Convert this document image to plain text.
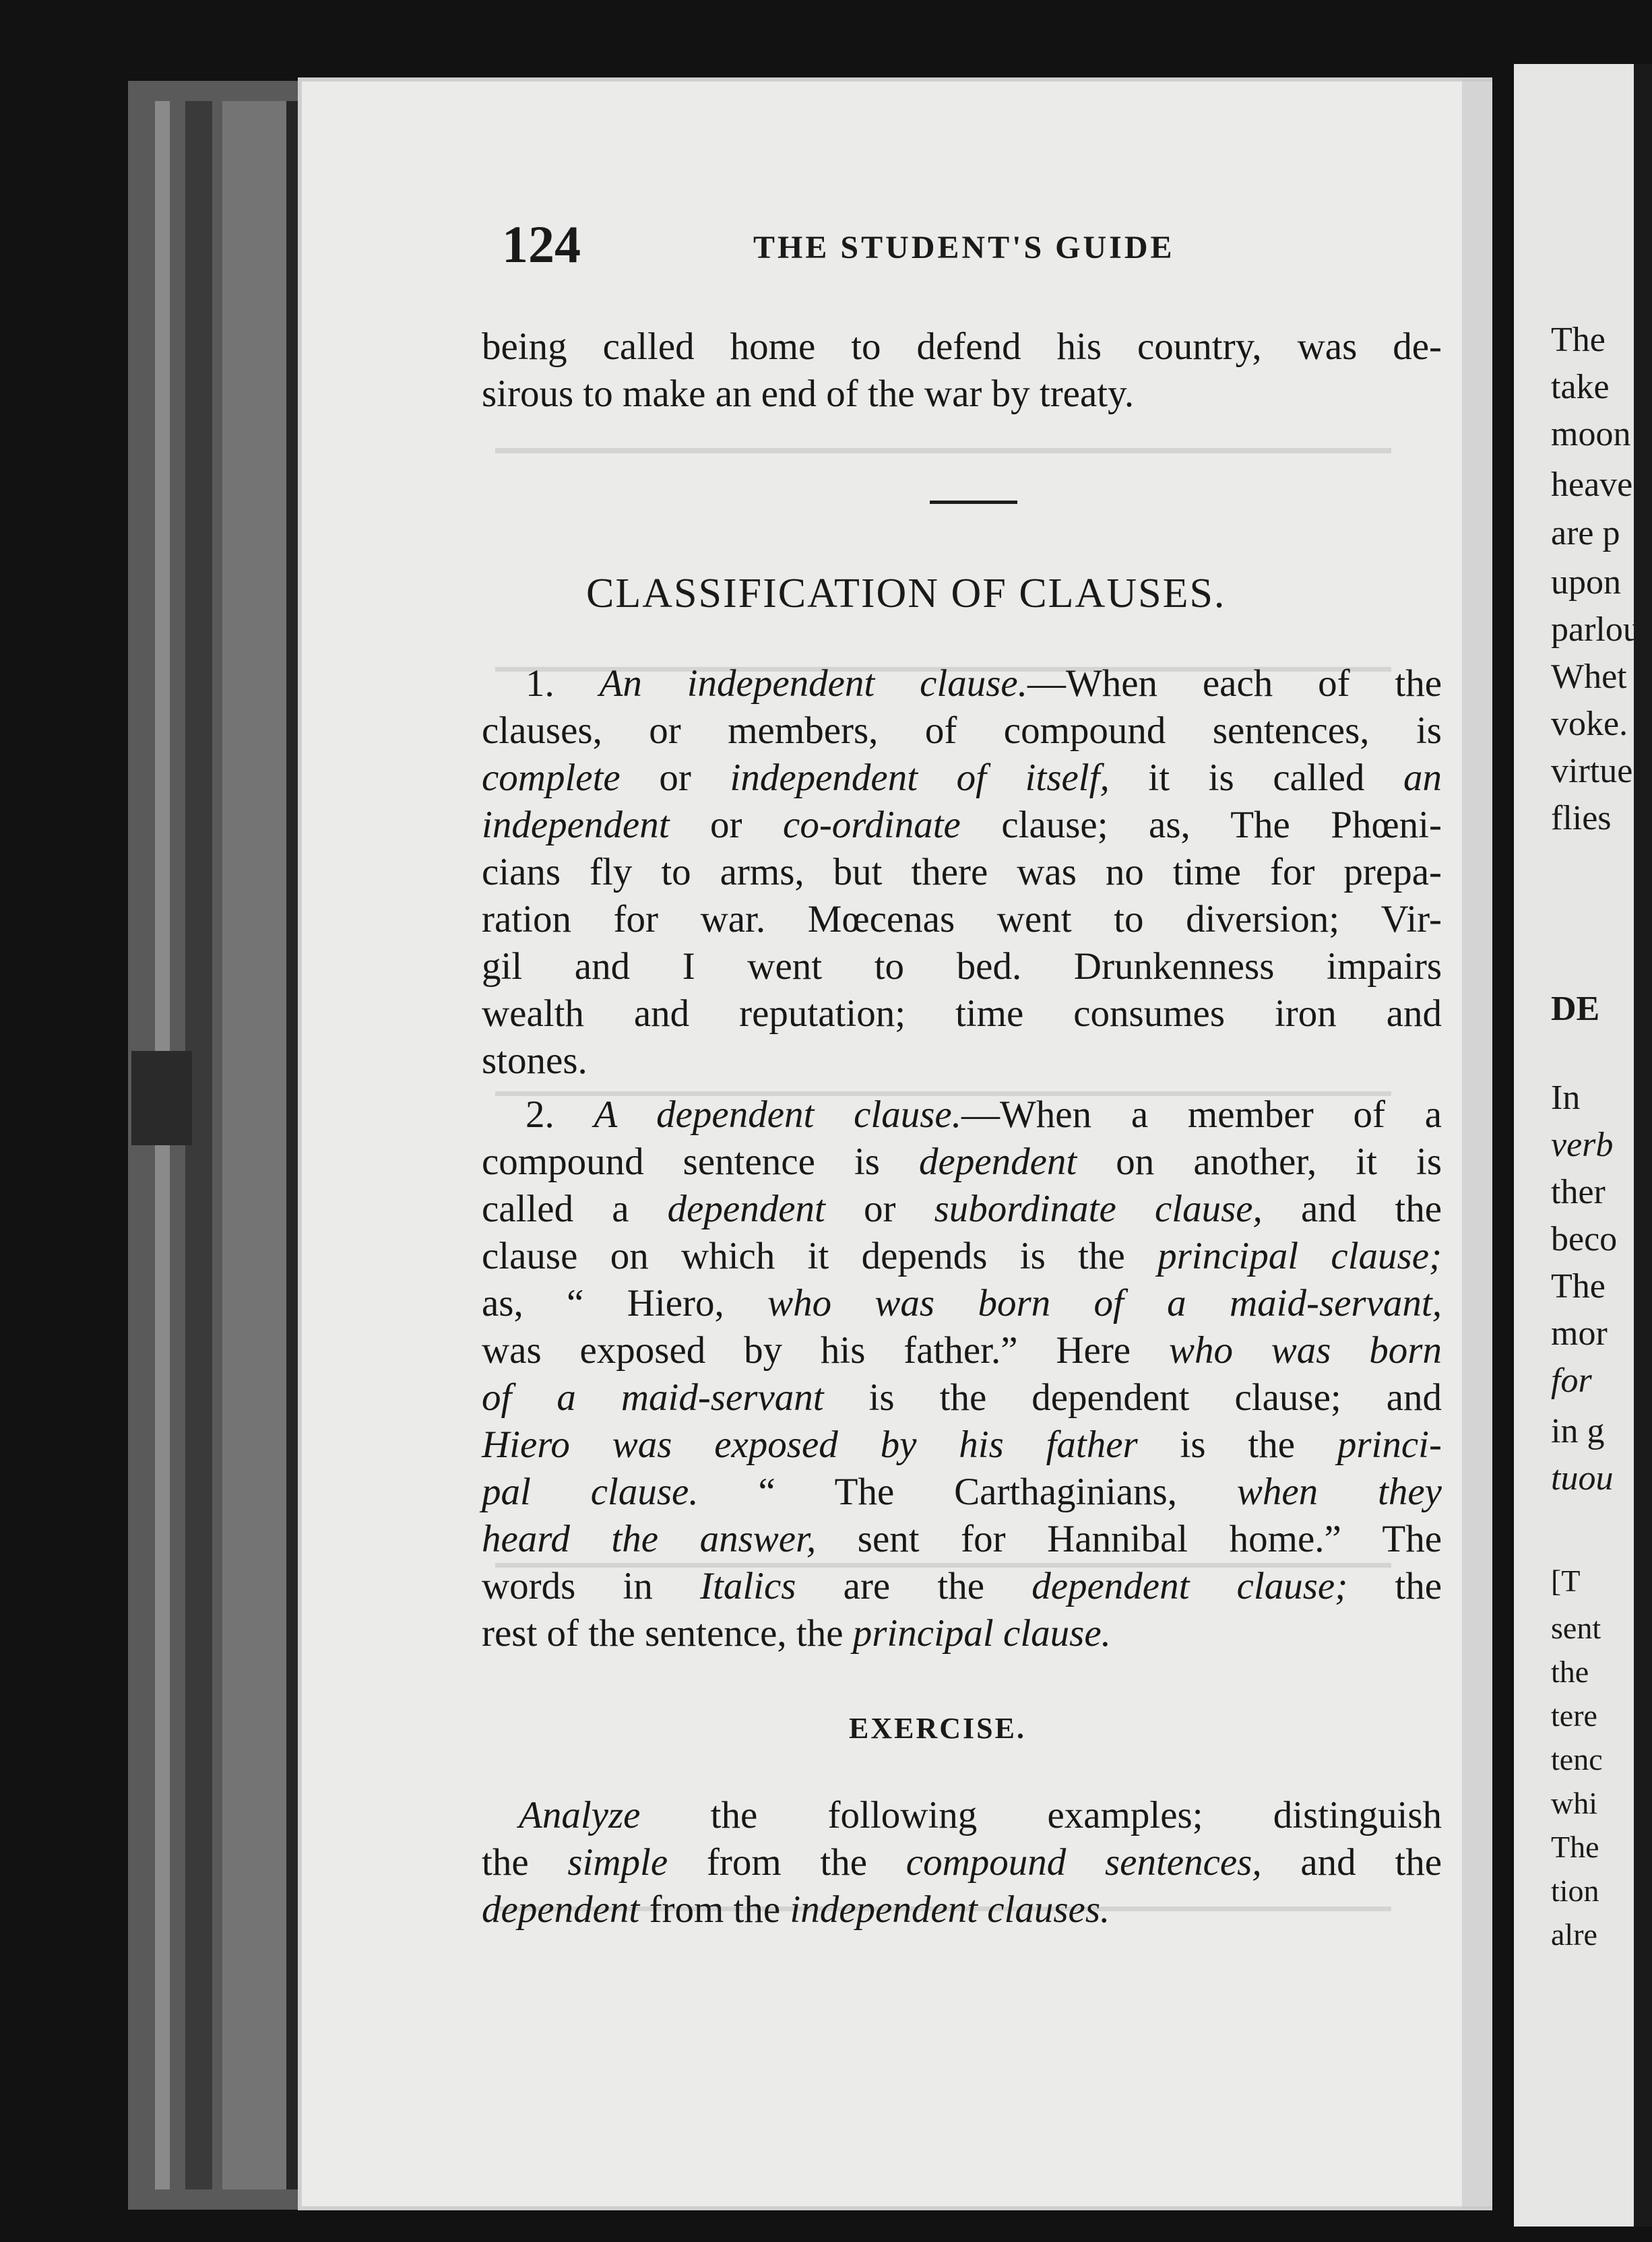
124	THE STUDENT'S GUIDE
being called home to defend his country, was de-
sirous to make an end of the war by treaty.
CLASSIFICATION OF CLAUSES.
1. An independent clause.—When each of the
clauses, or members, of compound sentences, is
complete or independent of itself, it is called an
independent or co-ordinate clause; as, The Phœni-
cians fly to arms, but there was no time for prepa-
ration for war. Mœcenas went to diversion; Vir-
gil and I went to bed. Drunkenness impairs
wealth and reputation; time consumes iron and
stones.
2. A dependent clause.—When a member of a
compound sentence is dependent on another, it is
called a dependent or subordinate clause, and the
clause on which it depends is the principal clause;
as, “ Hiero, who was born of a maid-servant,
was exposed by his father.” Here who was born
of a maid-servant is the dependent clause; and
Hiero was exposed by his father is the princi-
pal clause. “ The Carthaginians, when they
heard the answer, sent for Hannibal home.” The
words in Italics are the dependent clause; the
rest of the sentence, the principal clause.
EXERCISE.
Analyze the following examples; distinguish
the simple from the compound sentences, and the
dependent from the independent clauses.
The
take
moon
heave
are p
upon
parlou
Whet
voke.
virtue
flies
DE
In
verb
ther
beco
The
mor
for
in g
tuou
[T
sent
the
tere
tenc
whi
The
tion
alre
